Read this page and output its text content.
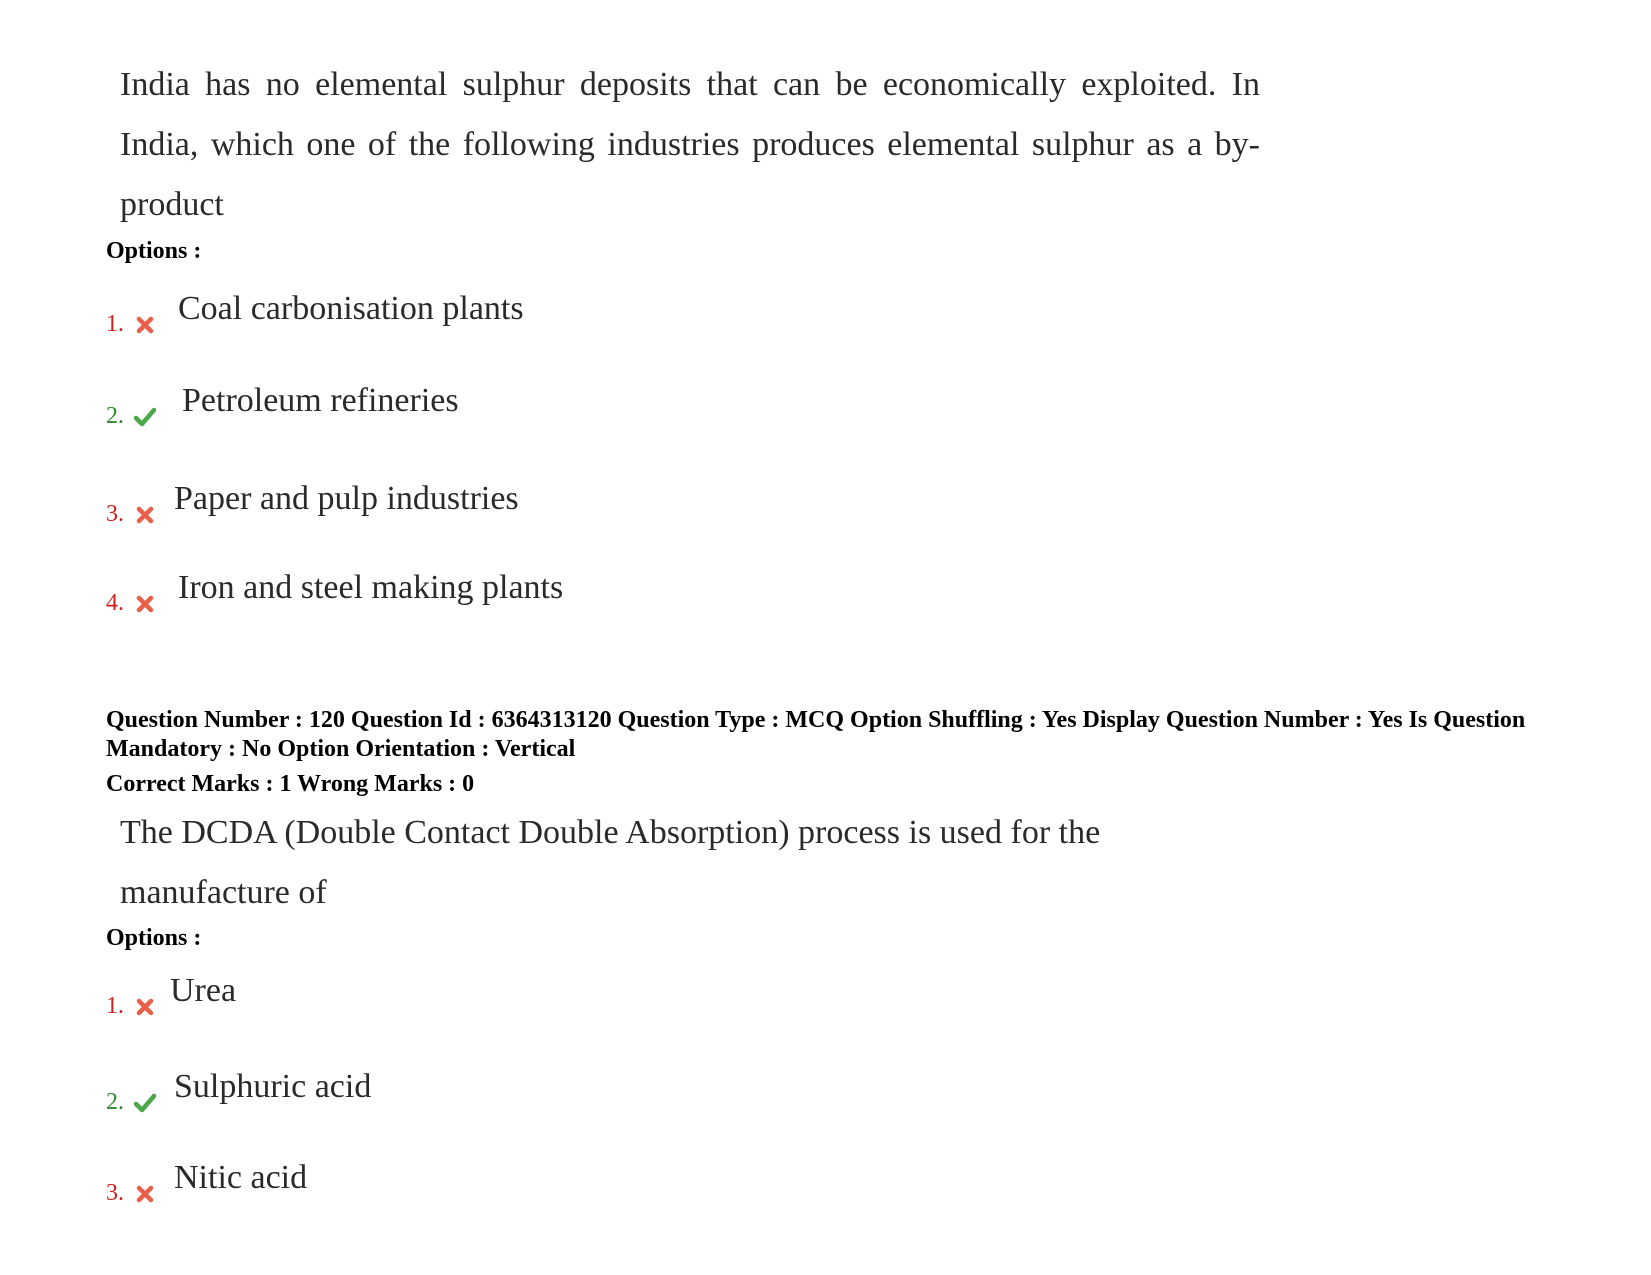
India has no elemental sulphur deposits that can be economically exploited. In India, which one of the following industries produces elemental sulphur as a by-product
Options :
1. Coal carbonisation plants
2. Petroleum refineries
3. Paper and pulp industries
4. Iron and steel making plants
Question Number : 120 Question Id : 6364313120 Question Type : MCQ Option Shuffling : Yes Display Question Number : Yes Is Question Mandatory : No Option Orientation : Vertical
Correct Marks : 1 Wrong Marks : 0
The DCDA (Double Contact Double Absorption) process is used for the manufacture of
Options :
1. Urea
2. Sulphuric acid
3. Nitic acid
